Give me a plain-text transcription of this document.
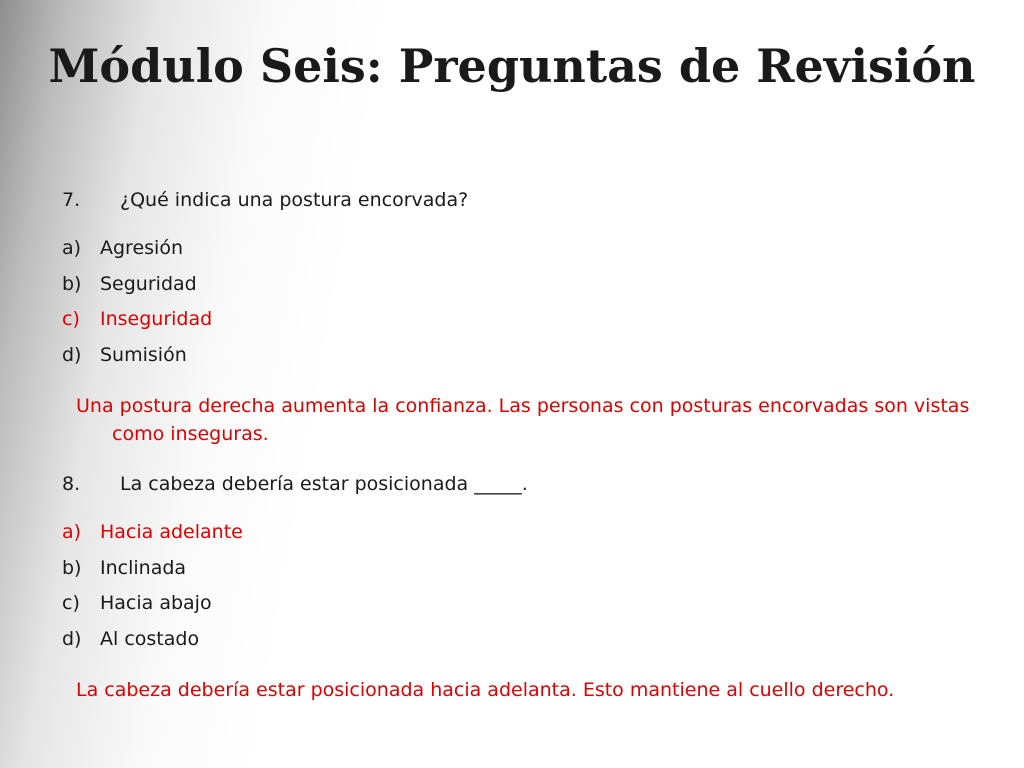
Módulo Seis: Preguntas de Revisión

7. ¿Qué indica una postura encorvada?

a) Agresión
b) Seguridad
c) Inseguridad
d) Sumisión

Una postura derecha aumenta la confianza. Las personas con posturas encorvadas son vistas como inseguras.

8. La cabeza debería estar posicionada _____.

a) Hacia adelante
b) Inclinada
c) Hacia abajo
d) Al costado

La cabeza debería estar posicionada hacia adelanta. Esto mantiene al cuello derecho.
